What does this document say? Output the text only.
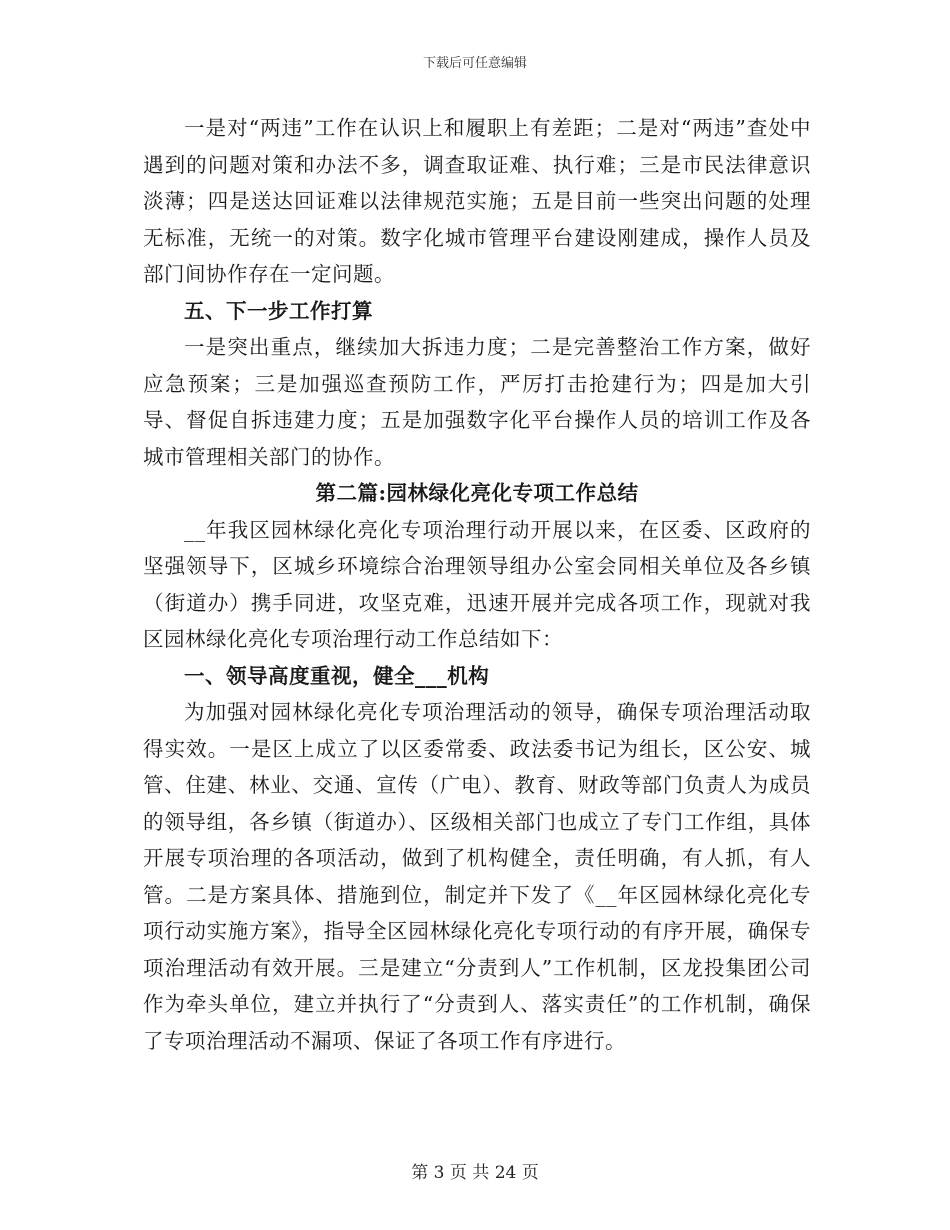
下载后可任意编辑

一是对“两违”工作在认识上和履职上有差距；二是对“两违”查处中遇到的问题对策和办法不多，调查取证难、执行难；三是市民法律意识淡薄；四是送达回证难以法律规范实施；五是目前一些突出问题的处理无标准，无统一的对策。数字化城市管理平台建设刚建成，操作人员及部门间协作存在一定问题。

五、下一步工作打算

一是突出重点，继续加大拆违力度；二是完善整治工作方案，做好应急预案；三是加强巡查预防工作，严厉打击抢建行为；四是加大引导、督促自拆违建力度；五是加强数字化平台操作人员的培训工作及各城市管理相关部门的协作。

第二篇:园林绿化亮化专项工作总结

__年我区园林绿化亮化专项治理行动开展以来，在区委、区政府的坚强领导下，区城乡环境综合治理领导组办公室会同相关单位及各乡镇（街道办）携手同进，攻坚克难，迅速开展并完成各项工作，现就对我区园林绿化亮化专项治理行动工作总结如下：

一、领导高度重视，健全___机构

为加强对园林绿化亮化专项治理活动的领导，确保专项治理活动取得实效。一是区上成立了以区委常委、政法委书记为组长，区公安、城管、住建、林业、交通、宣传（广电）、教育、财政等部门负责人为成员的领导组，各乡镇（街道办）、区级相关部门也成立了专门工作组，具体开展专项治理的各项活动，做到了机构健全，责任明确，有人抓，有人管。二是方案具体、措施到位，制定并下发了《__年区园林绿化亮化专项行动实施方案》，指导全区园林绿化亮化专项行动的有序开展，确保专项治理活动有效开展。三是建立“分责到人”工作机制，区龙投集团公司作为牵头单位，建立并执行了“分责到人、落实责任”的工作机制，确保了专项治理活动不漏项、保证了各项工作有序进行。

第 3 页 共 24 页
